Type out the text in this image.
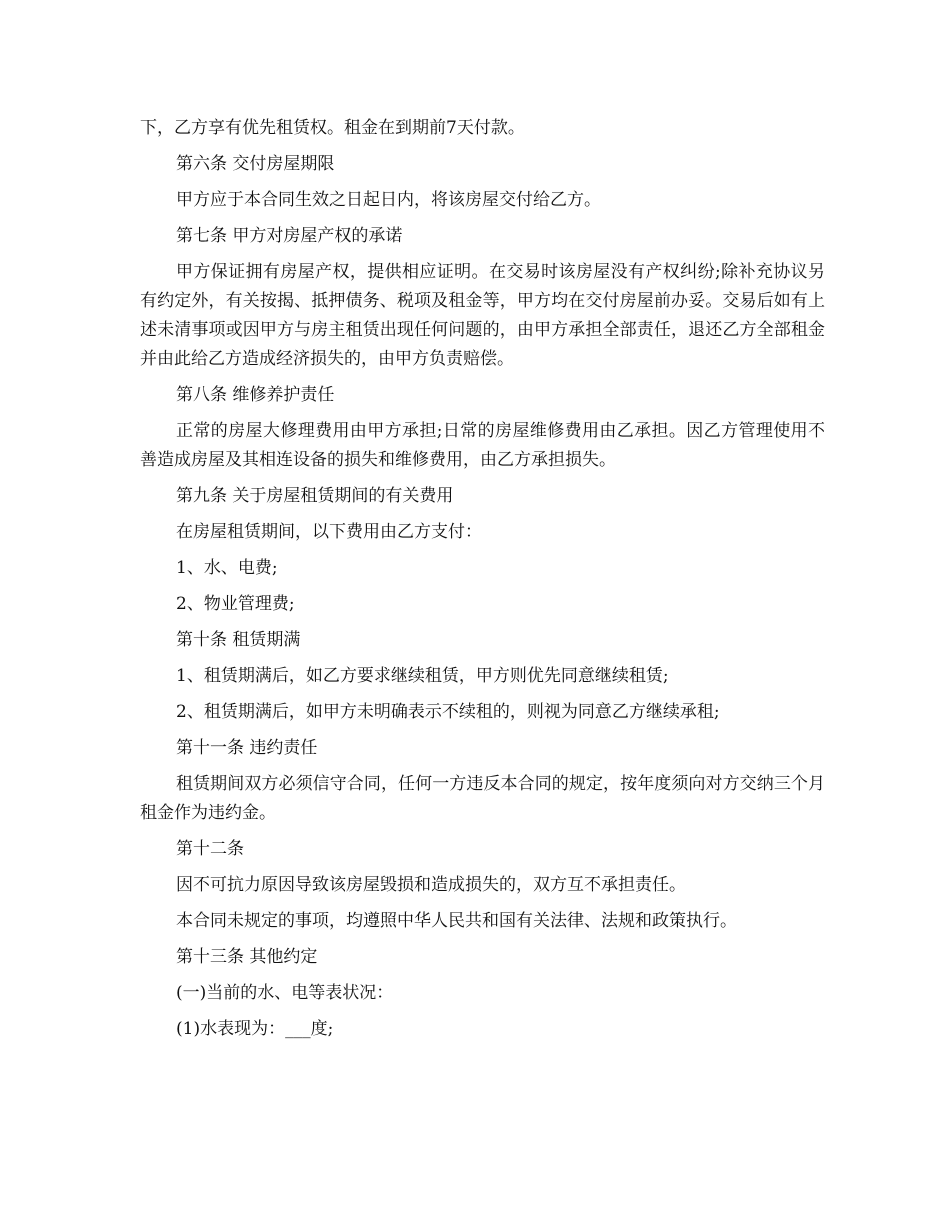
下，乙方享有优先租赁权。租金在到期前7天付款。

第六条 交付房屋期限

甲方应于本合同生效之日起日内，将该房屋交付给乙方。

第七条 甲方对房屋产权的承诺

甲方保证拥有房屋产权，提供相应证明。在交易时该房屋没有产权纠纷;除补充协议另有约定外，有关按揭、抵押债务、税项及租金等，甲方均在交付房屋前办妥。交易后如有上述未清事项或因甲方与房主租赁出现任何问题的，由甲方承担全部责任，退还乙方全部租金并由此给乙方造成经济损失的，由甲方负责赔偿。

第八条 维修养护责任

正常的房屋大修理费用由甲方承担;日常的房屋维修费用由乙承担。因乙方管理使用不善造成房屋及其相连设备的损失和维修费用，由乙方承担损失。

第九条 关于房屋租赁期间的有关费用

在房屋租赁期间，以下费用由乙方支付：

1、水、电费;

2、物业管理费;

第十条 租赁期满

1、租赁期满后，如乙方要求继续租赁，甲方则优先同意继续租赁;

2、租赁期满后，如甲方未明确表示不续租的，则视为同意乙方继续承租;

第十一条 违约责任

租赁期间双方必须信守合同，任何一方违反本合同的规定，按年度须向对方交纳三个月租金作为违约金。

第十二条

因不可抗力原因导致该房屋毁损和造成损失的，双方互不承担责任。

本合同未规定的事项，均遵照中华人民共和国有关法律、法规和政策执行。

第十三条 其他约定

(一)当前的水、电等表状况：

(1)水表现为：___度;
